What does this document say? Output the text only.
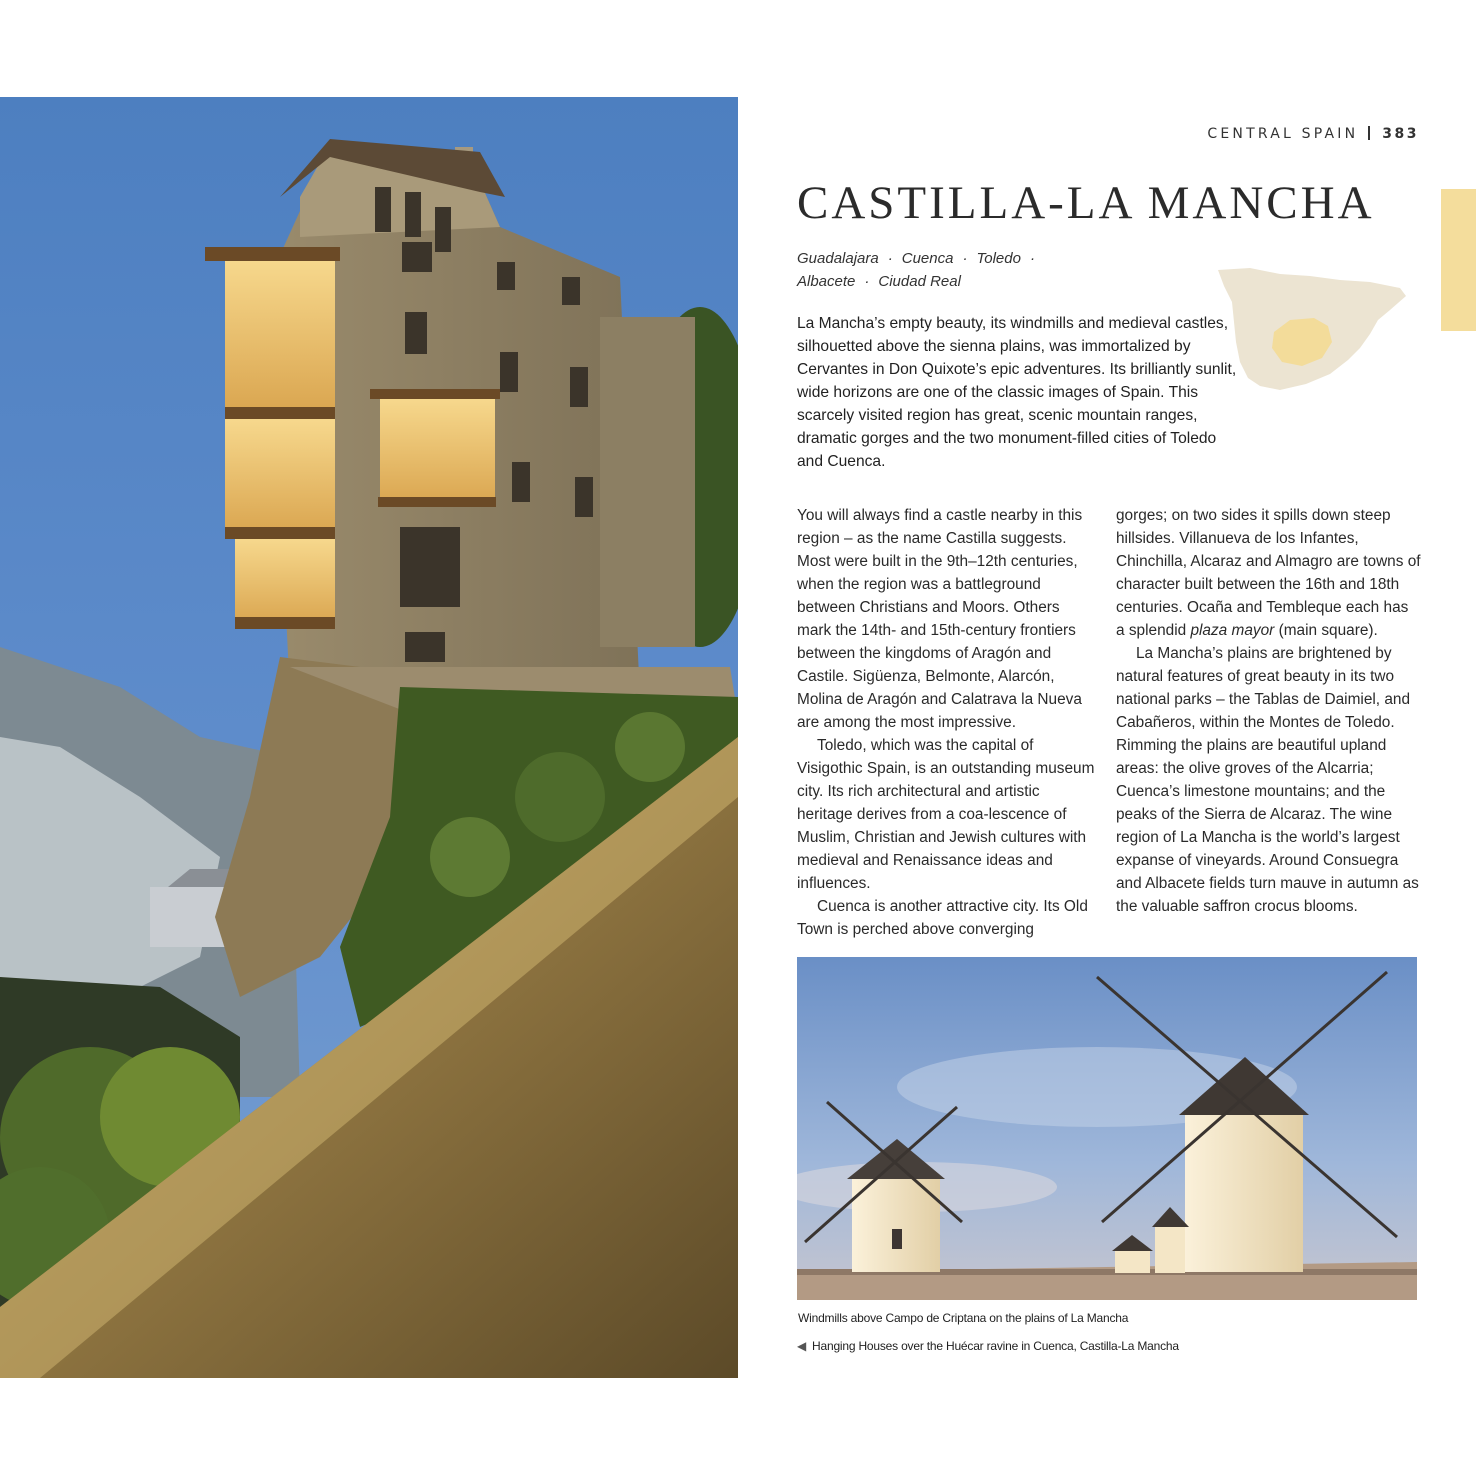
CENTRAL SPAIN 383
CASTILLA-LA MANCHA
Guadalajara · Cuenca · Toledo ·
Albacete · Ciudad Real

La Mancha’s empty beauty, its windmills and medieval castles, silhouetted above the sienna plains, was immortalized by Cervantes in Don Quixote’s epic adventures. Its brilliantly sunlit, wide horizons are one of the classic images of Spain. This scarcely visited region has great, scenic mountain ranges, dramatic gorges and the two monument-filled cities of Toledo and Cuenca.

You will always find a castle nearby in this region – as the name Castilla suggests. Most were built in the 9th–12th centuries, when the region was a battleground between Christians and Moors. Others mark the 14th- and 15th-century frontiers between the kingdoms of Aragón and Castile. Sigüenza, Belmonte, Alarcón, Molina de Aragón and Calatrava la Nueva are among the most impressive.

Toledo, which was the capital of Visigothic Spain, is an outstanding museum city. Its rich architectural and artistic heritage derives from a coa-lescence of Muslim, Christian and Jewish cultures with medieval and Renaissance ideas and influences.

Cuenca is another attractive city. Its Old Town is perched above converging

gorges; on two sides it spills down steep hillsides. Villanueva de los Infantes, Chinchilla, Alcaraz and Almagro are towns of character built between the 16th and 18th centuries. Ocaña and Tembleque each has a splendid plaza mayor (main square).

La Mancha’s plains are brightened by natural features of great beauty in its two national parks – the Tablas de Daimiel, and Cabañeros, within the Montes de Toledo. Rimming the plains are beautiful upland areas: the olive groves of the Alcarria; Cuenca’s limestone mountains; and the peaks of the Sierra de Alcaraz. The wine region of La Mancha is the world’s largest expanse of vineyards. Around Consuegra and Albacete fields turn mauve in autumn as the valuable saffron crocus blooms.

Windmills above Campo de Criptana on the plains of La Mancha
◀ Hanging Houses over the Huécar ravine in Cuenca, Castilla-La Mancha
